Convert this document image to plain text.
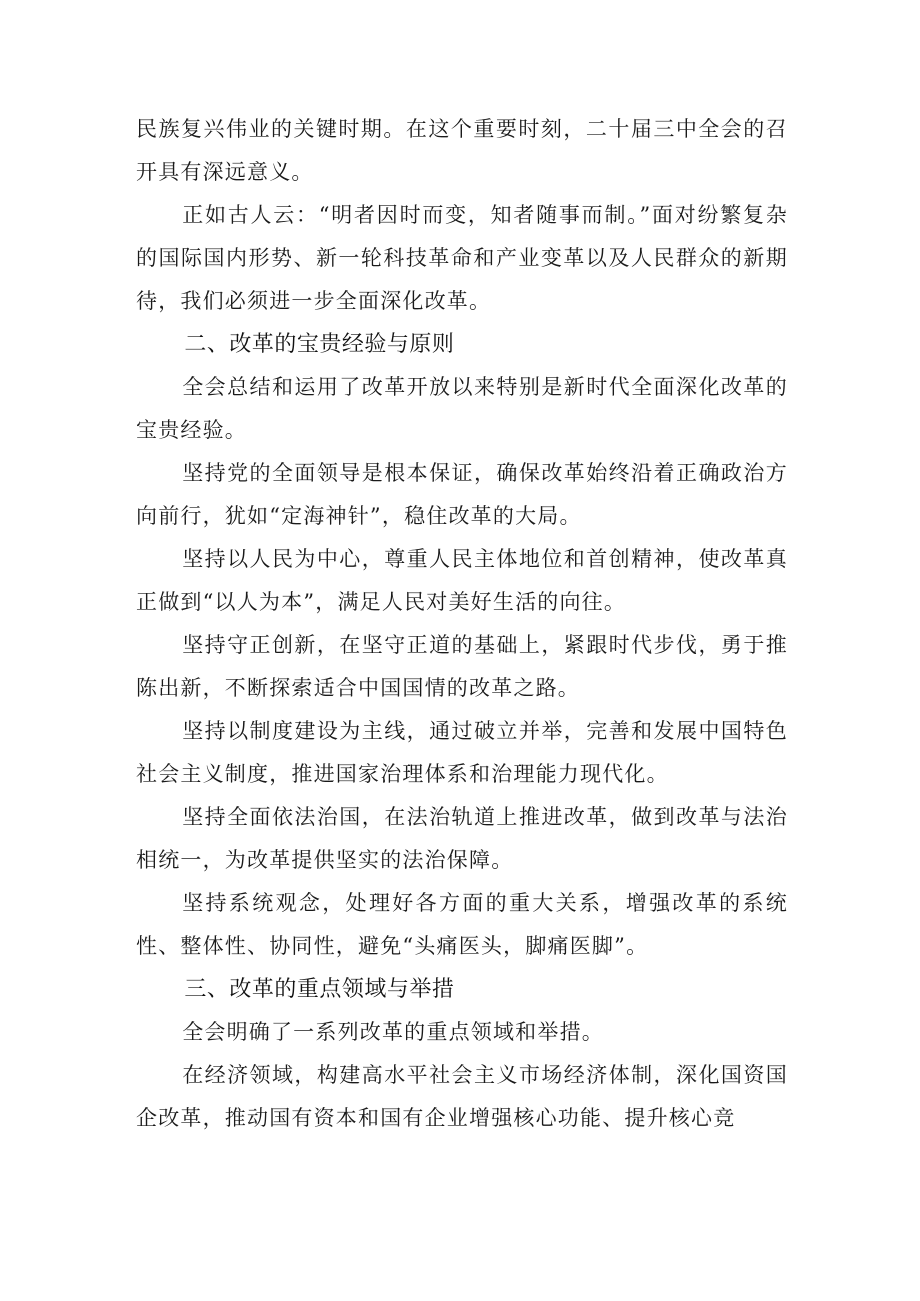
民族复兴伟业的关键时期。在这个重要时刻，二十届三中全会的召开具有深远意义。

正如古人云：“明者因时而变，知者随事而制。”面对纷繁复杂的国际国内形势、新一轮科技革命和产业变革以及人民群众的新期待，我们必须进一步全面深化改革。

二、改革的宝贵经验与原则

全会总结和运用了改革开放以来特别是新时代全面深化改革的宝贵经验。

坚持党的全面领导是根本保证，确保改革始终沿着正确政治方向前行，犹如“定海神针”，稳住改革的大局。

坚持以人民为中心，尊重人民主体地位和首创精神，使改革真正做到“以人为本”，满足人民对美好生活的向往。

坚持守正创新，在坚守正道的基础上，紧跟时代步伐，勇于推陈出新，不断探索适合中国国情的改革之路。

坚持以制度建设为主线，通过破立并举，完善和发展中国特色社会主义制度，推进国家治理体系和治理能力现代化。

坚持全面依法治国，在法治轨道上推进改革，做到改革与法治相统一，为改革提供坚实的法治保障。

坚持系统观念，处理好各方面的重大关系，增强改革的系统性、整体性、协同性，避免“头痛医头，脚痛医脚”。

三、改革的重点领域与举措

全会明确了一系列改革的重点领域和举措。

在经济领域，构建高水平社会主义市场经济体制，深化国资国企改革，推动国有资本和国有企业增强核心功能、提升核心竞
